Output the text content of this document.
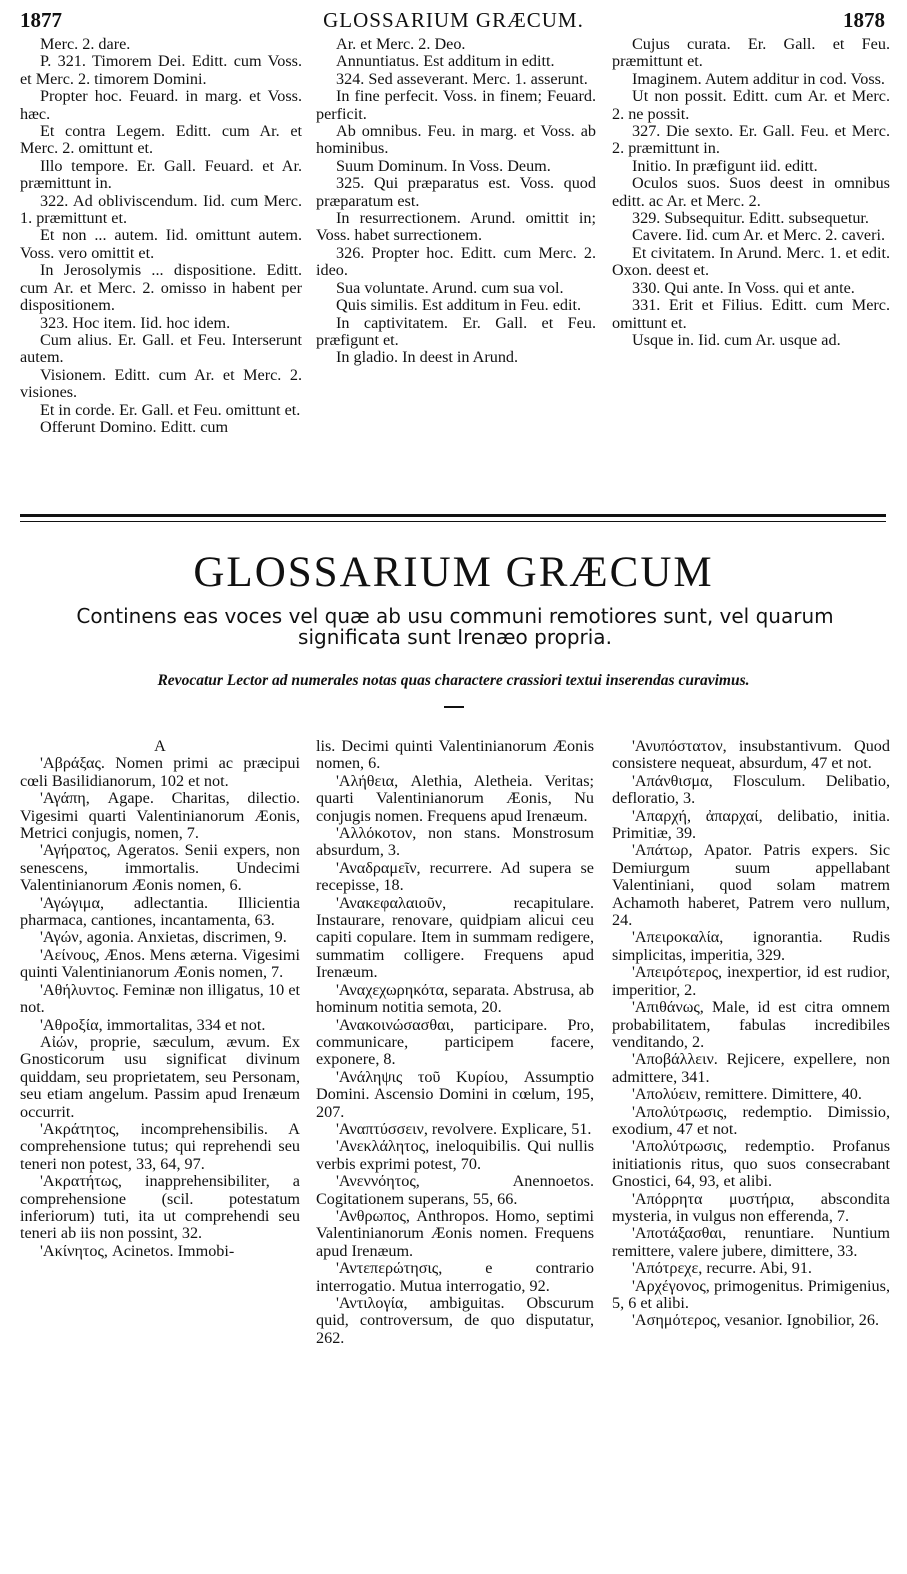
1877	GLOSSARIUM GRÆCUM.	1878

Merc. 2. dare.

P. 321. Timorem Dei. Editt. cum Voss. et Merc. 2. timorem Domini.

Propter hoc. Feuard. in marg. et Voss. hæc.

Et contra Legem. Editt. cum Ar. et Merc. 2. omittunt et.

Illo tempore. Er. Gall. Feuard. et Ar. præmittunt in.

322. Ad obliviscendum. Iid. cum Merc. 1. præmittunt et.

Et non ... autem. Iid. omittunt autem. Voss. vero omittit et.

In Jerosolymis ... dispositione. Editt. cum Ar. et Merc. 2. omisso in habent per dispositionem.

323. Hoc item. Iid. hoc idem.

Cum alius. Er. Gall. et Feu. Interserunt autem.

Visionem. Editt. cum Ar. et Merc. 2. visiones.

Et in corde. Er. Gall. et Feu. omittunt et.

Offerunt Domino. Editt. cum

Ar. et Merc. 2. Deo.

Annuntiatus. Est additum in editt.

324. Sed asseverant. Merc. 1. asserunt.

In fine perfecit. Voss. in finem; Feuard. perficit.

Ab omnibus. Feu. in marg. et Voss. ab hominibus.

Suum Dominum. In Voss. Deum.

325. Qui præparatus est. Voss. quod præparatum est.

In resurrectionem. Arund. omittit in; Voss. habet surrectionem.

326. Propter hoc. Editt. cum Merc. 2. ideo.

Sua voluntate. Arund. cum sua vol.

Quis similis. Est additum in Feu. edit.

In captivitatem. Er. Gall. et Feu. præfigunt et.

In gladio. In deest in Arund.

Cujus curata. Er. Gall. et Feu. præmittunt et.

Imaginem. Autem additur in cod. Voss.

Ut non possit. Editt. cum Ar. et Merc. 2. ne possit.

327. Die sexto. Er. Gall. Feu. et Merc. 2. præmittunt in.

Initio. In præfigunt iid. editt.

Oculos suos. Suos deest in omnibus editt. ac Ar. et Merc. 2.

329. Subsequitur. Editt. subsequetur.

Cavere. Iid. cum Ar. et Merc. 2. caveri.

Et civitatem. In Arund. Merc. 1. et edit. Oxon. deest et.

330. Qui ante. In Voss. qui et ante.

331. Erit et Filius. Editt. cum Merc. omittunt et.

Usque in. Iid. cum Ar. usque ad.

GLOSSARIUM GRÆCUM
Continens eas voces vel quæ ab usu communi remotiores sunt, vel quarum significata sunt Irenæo propria.
Revocatur Lector ad numerales notas quas charactere crassiori textui inserendas curavimus.

A

'Αβράξας. Nomen primi ac præcipui cœli Basilidianorum, 102 et not.

'Αγάπη, Agape. Charitas, dilectio. Vigesimi quarti Valentinianorum Æonis, Metrici conjugis, nomen, 7.

'Αγήρατος, Ageratos. Senii expers, non senescens, immortalis. Undecimi Valentinianorum Æonis nomen, 6.

'Αγώγιμα, adlectantia. Illicientia pharmaca, cantiones, incantamenta, 63.

'Αγών, agonia. Anxietas, discrimen, 9.

'Αείνους, Ænos. Mens æterna. Vigesimi quinti Valentinianorum Æonis nomen, 7.

'Αθήλυντος. Feminæ non illigatus, 10 et not.

'Αθροξία, immortalitas, 334 et not.

Αἰών, proprie, sæculum, ævum. Ex Gnosticorum usu significat divinum quiddam, seu proprietatem, seu Personam, seu etiam angelum. Passim apud Irenæum occurrit.

'Ακράτητος, incomprehensibilis. A comprehensione tutus; qui reprehendi seu teneri non potest, 33, 64, 97.

'Ακρατήτως, inapprehensibiliter, a comprehensione (scil. potestatum inferiorum) tuti, ita ut comprehendi seu teneri ab iis non possint, 32.

'Ακίνητος, Acinetos. Immobi-

lis. Decimi quinti Valentinianorum Æonis nomen, 6.

'Αλήθεια, Alethia, Aletheia. Veritas; quarti Valentinianorum Æonis, Nu conjugis nomen. Frequens apud Irenæum.

'Αλλόκοτον, non stans. Monstrosum absurdum, 3.

'Αναδραμεῖν, recurrere. Ad supera se recepisse, 18.

'Ανακεφαλαιοῦν, recapitulare. Instaurare, renovare, quidpiam alicui ceu capiti copulare. Item in summam redigere, summatim colligere. Frequens apud Irenæum.

'Αναχεχωρηκότα, separata. Abstrusa, ab hominum notitia semota, 20.

'Ανακοινώσασθαι, participare. Pro, communicare, participem facere, exponere, 8.

'Ανάληψις τοῦ Κυρίου, Assumptio Domini. Ascensio Domini in cœlum, 195, 207.

'Αναπτύσσειν, revolvere. Explicare, 51.

'Ανεκλάλητος, ineloquibilis. Qui nullis verbis exprimi potest, 70.

'Ανεννόητος, Anennoetos. Cogitationem superans, 55, 66.

'Ανθρωπος, Anthropos. Homo, septimi Valentinianorum Æonis nomen. Frequens apud Irenæum.

'Αντεπερώτησις, e contrario interrogatio. Mutua interrogatio, 92.

'Αντιλογία, ambiguitas. Obscurum quid, controversum, de quo disputatur, 262.

'Ανυπόστατον, insubstantivum. Quod consistere nequeat, absurdum, 47 et not.

'Απάνθισμα, Flosculum. Delibatio, defloratio, 3.

'Απαρχή, ἀπαρχαί, delibatio, initia. Primitiæ, 39.

'Απάτωρ, Apator. Patris expers. Sic Demiurgum suum appellabant Valentiniani, quod solam matrem Achamoth haberet, Patrem vero nullum, 24.

'Απειροκαλία, ignorantia. Rudis simplicitas, imperitia, 329.

'Απειρότερος, inexpertior, id est rudior, imperitior, 2.

'Απιθάνως, Male, id est citra omnem probabilitatem, fabulas incredibiles venditando, 2.

'Αποβάλλειν. Rejicere, expellere, non admittere, 341.

'Απολύειν, remittere. Dimittere, 40.

'Απολύτρωσις, redemptio. Dimissio, exodium, 47 et not.

'Απολύτρωσις, redemptio. Profanus initiationis ritus, quo suos consecrabant Gnostici, 64, 93, et alibi.

'Απόρρητα μυστήρια, abscondita mysteria, in vulgus non efferenda, 7.

'Αποτάξασθαι, renuntiare. Nuntium remittere, valere jubere, dimittere, 33.

'Απότρεχε, recurre. Abi, 91.

'Αρχέγονος, primogenitus. Primigenius, 5, 6 et alibi.

'Ασημότερος, vesanior. Ignobilior, 26.
